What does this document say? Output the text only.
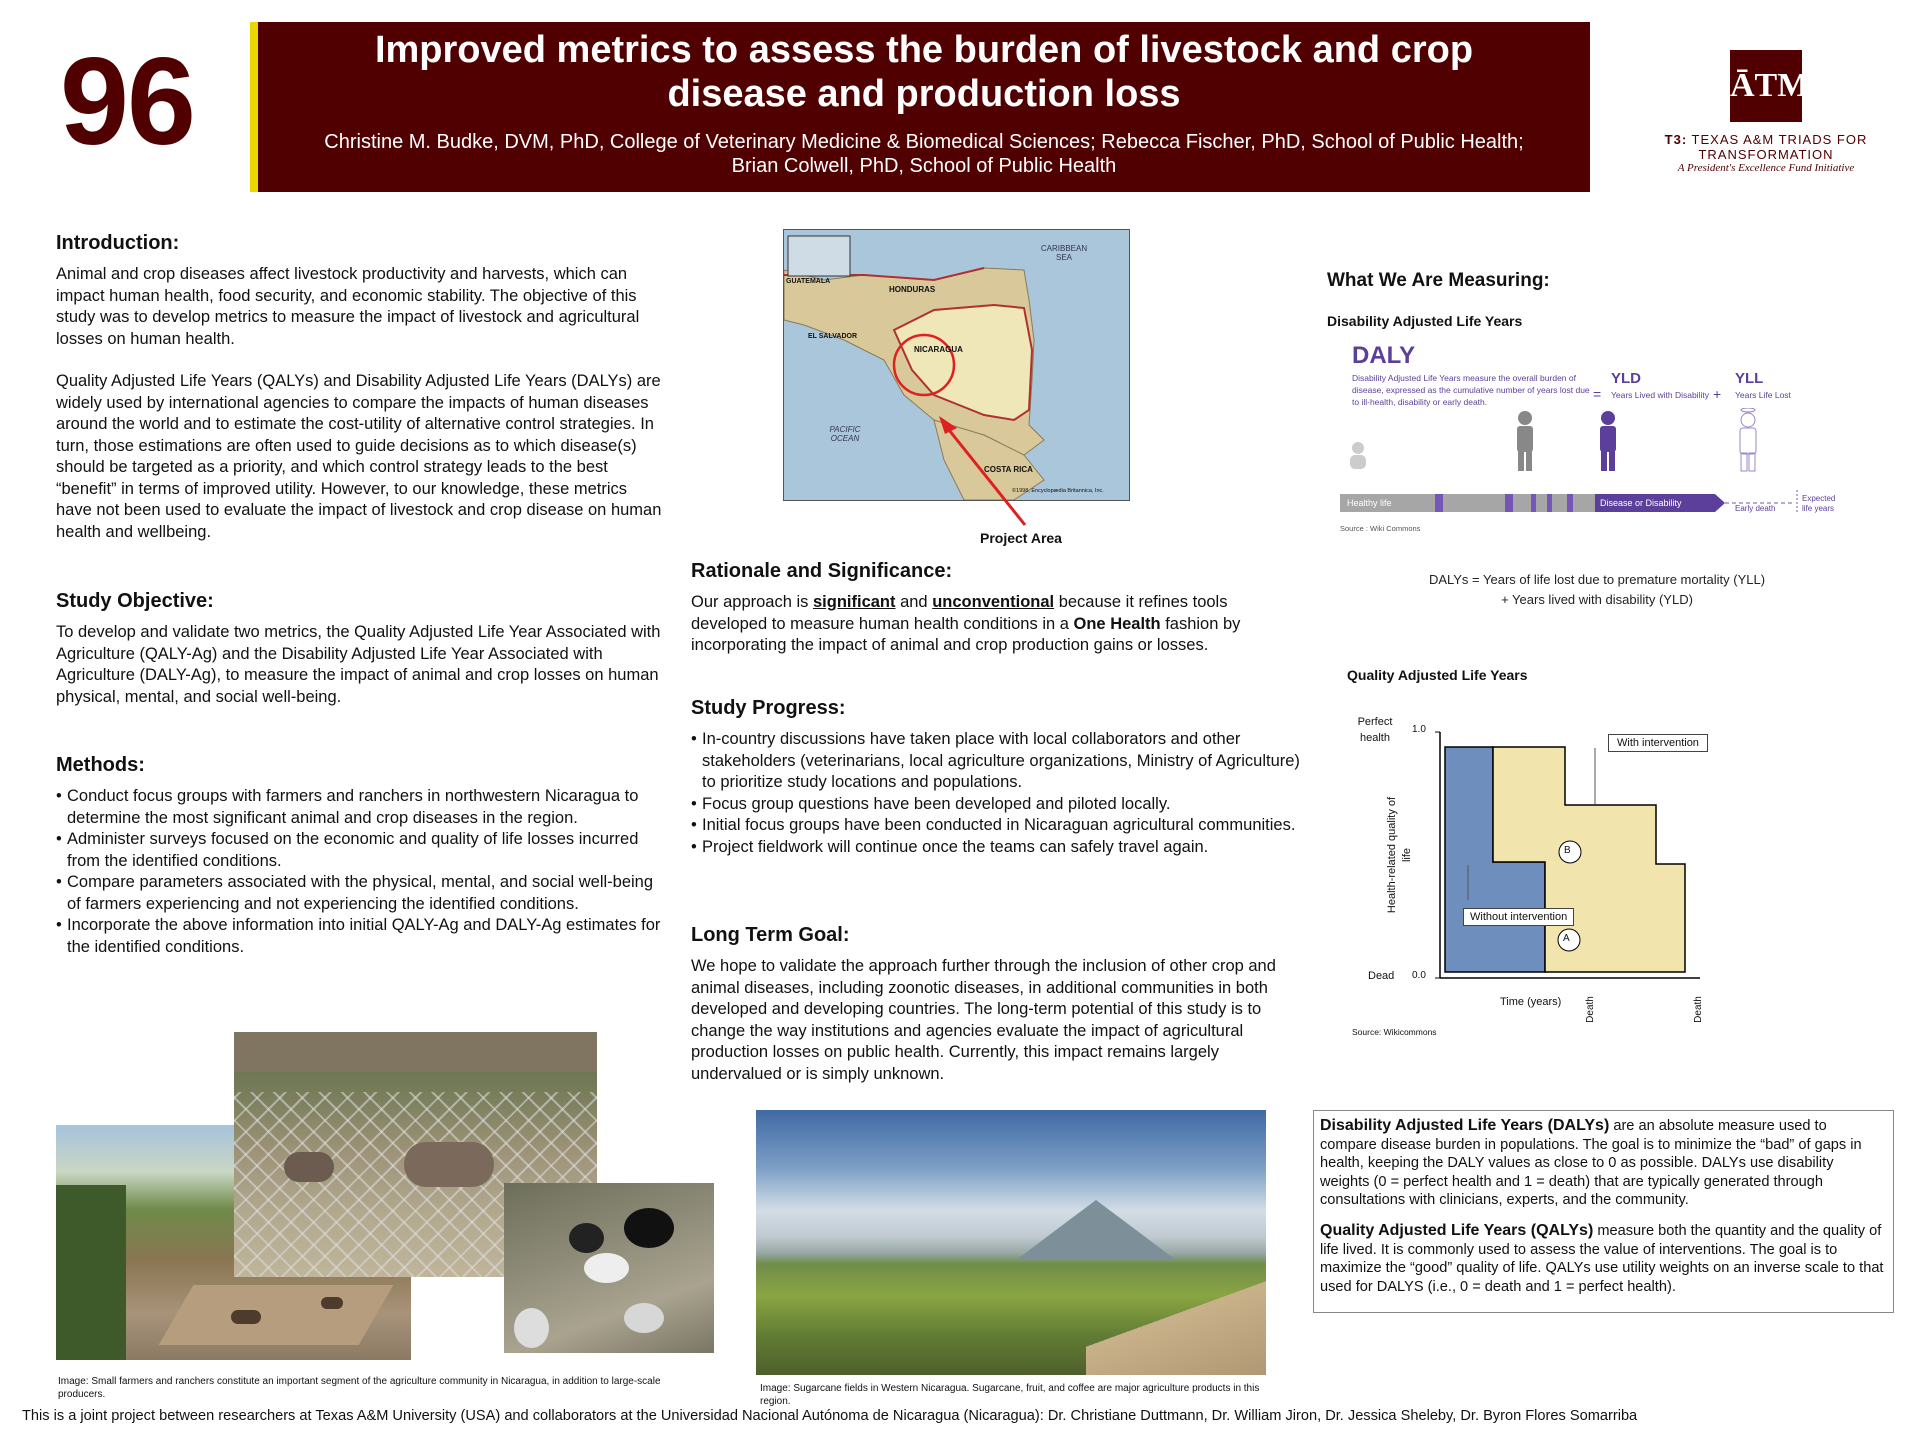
96	Improved metrics to assess the burden of livestock and crop
disease and production loss
Christine M. Budke, DVM, PhD, College of Veterinary Medicine & Biomedical Sciences; Rebecca Fischer, PhD, School of Public Health;
Brian Colwell, PhD, School of Public Health
ĀTM
T3: TEXAS A&M TRIADS FOR TRANSFORMATION
A President's Excellence Fund Initiative
Introduction:

Animal and crop diseases affect livestock productivity and harvests, which can impact human health, food security, and economic stability. The objective of this study was to develop metrics to measure the impact of livestock and agricultural losses on human health.

Quality Adjusted Life Years (QALYs) and Disability Adjusted Life Years (DALYs) are widely used by international agencies to compare the impacts of human diseases around the world and to estimate the cost-utility of alternative control strategies. In turn, those estimations are often used to guide decisions as to which disease(s) should be targeted as a priority, and which control strategy leads to the best “benefit” in terms of improved utility. However, to our knowledge, these metrics have not been used to evaluate the impact of livestock and crop disease on human health and wellbeing.

Study Objective:

To develop and validate two metrics, the Quality Adjusted Life Year Associated with Agriculture (QALY-Ag) and the Disability Adjusted Life Year Associated with Agriculture (DALY-Ag), to measure the impact of animal and crop losses on human physical, mental, and social well-being.

Methods:
• Conduct focus groups with farmers and ranchers in northwestern Nicaragua to determine the most significant animal and crop diseases in the region.
• Administer surveys focused on the economic and quality of life losses incurred from the identified conditions.
• Compare parameters associated with the physical, mental, and social well-being of farmers experiencing and not experiencing the identified conditions.
• Incorporate the above information into initial QALY-Ag and DALY-Ag estimates for the identified conditions.
Image: Small farmers and ranchers constitute an important segment of the agriculture community in Nicaragua, in addition to large-scale producers.
CARIBBEAN SEA
HONDURAS
GUATEMALA
EL SALVADOR
NICARAGUA
PACIFIC OCEAN
COSTA RICA
©1998, Encyclopædia Britannica, Inc.
Project Area
Rationale and Significance:

Our approach is significant and unconventional because it refines tools developed to measure human health conditions in a One Health fashion by incorporating the impact of animal and crop production gains or losses.

Study Progress:
• In-country discussions have taken place with local collaborators and other stakeholders (veterinarians, local agriculture organizations, Ministry of Agriculture) to prioritize study locations and populations.
• Focus group questions have been developed and piloted locally.
• Initial focus groups have been conducted in Nicaraguan agricultural communities.
• Project fieldwork will continue once the teams can safely travel again.
Long Term Goal:

We hope to validate the approach further through the inclusion of other crop and animal diseases, including zoonotic diseases, in additional communities in both developed and developing countries. The long-term potential of this study is to change the way institutions and agencies evaluate the impact of agricultural production losses on public health. Currently, this impact remains largely undervalued or is simply unknown.

Image: Sugarcane fields in Western Nicaragua. Sugarcane, fruit, and coffee are major agriculture products in this region.
What We Are Measuring:
Disability Adjusted Life Years
DALY
Disability Adjusted Life Years measure the overall burden of disease, expressed as the cumulative number of years lost due to ill-health, disability or early death.	=
YLD
Years Lived with Disability +
YLL
Years Life Lost
Healthy life	Disease or Disability
Early death
Expected life years
Source : Wiki Commons
DALYs = Years of life lost due to premature mortality (YLL)
+ Years lived with disability (YLD)
Quality Adjusted Life Years
Perfect health
1.0
0.0
Dead
Health-related quality of life
Time (years) Death	Death
With intervention
Without intervention
B
A
Source: Wikicommons

Disability Adjusted Life Years (DALYs) are an absolute measure used to compare disease burden in populations. The goal is to minimize the “bad” of gaps in health, keeping the DALY values as close to 0 as possible. DALYs use disability weights (0 = perfect health and 1 = death) that are typically generated through consultations with clinicians, experts, and the community.

Quality Adjusted Life Years (QALYs) measure both the quantity and the quality of life lived. It is commonly used to assess the value of interventions. The goal is to maximize the “good” quality of life. QALYs use utility weights on an inverse scale to that used for DALYS (i.e., 0 = death and 1 = perfect health).

This is a joint project between researchers at Texas A&M University (USA) and collaborators at the Universidad Nacional Autónoma de Nicaragua (Nicaragua): Dr. Christiane Duttmann, Dr. William Jiron, Dr. Jessica Sheleby, Dr. Byron Flores Somarriba
